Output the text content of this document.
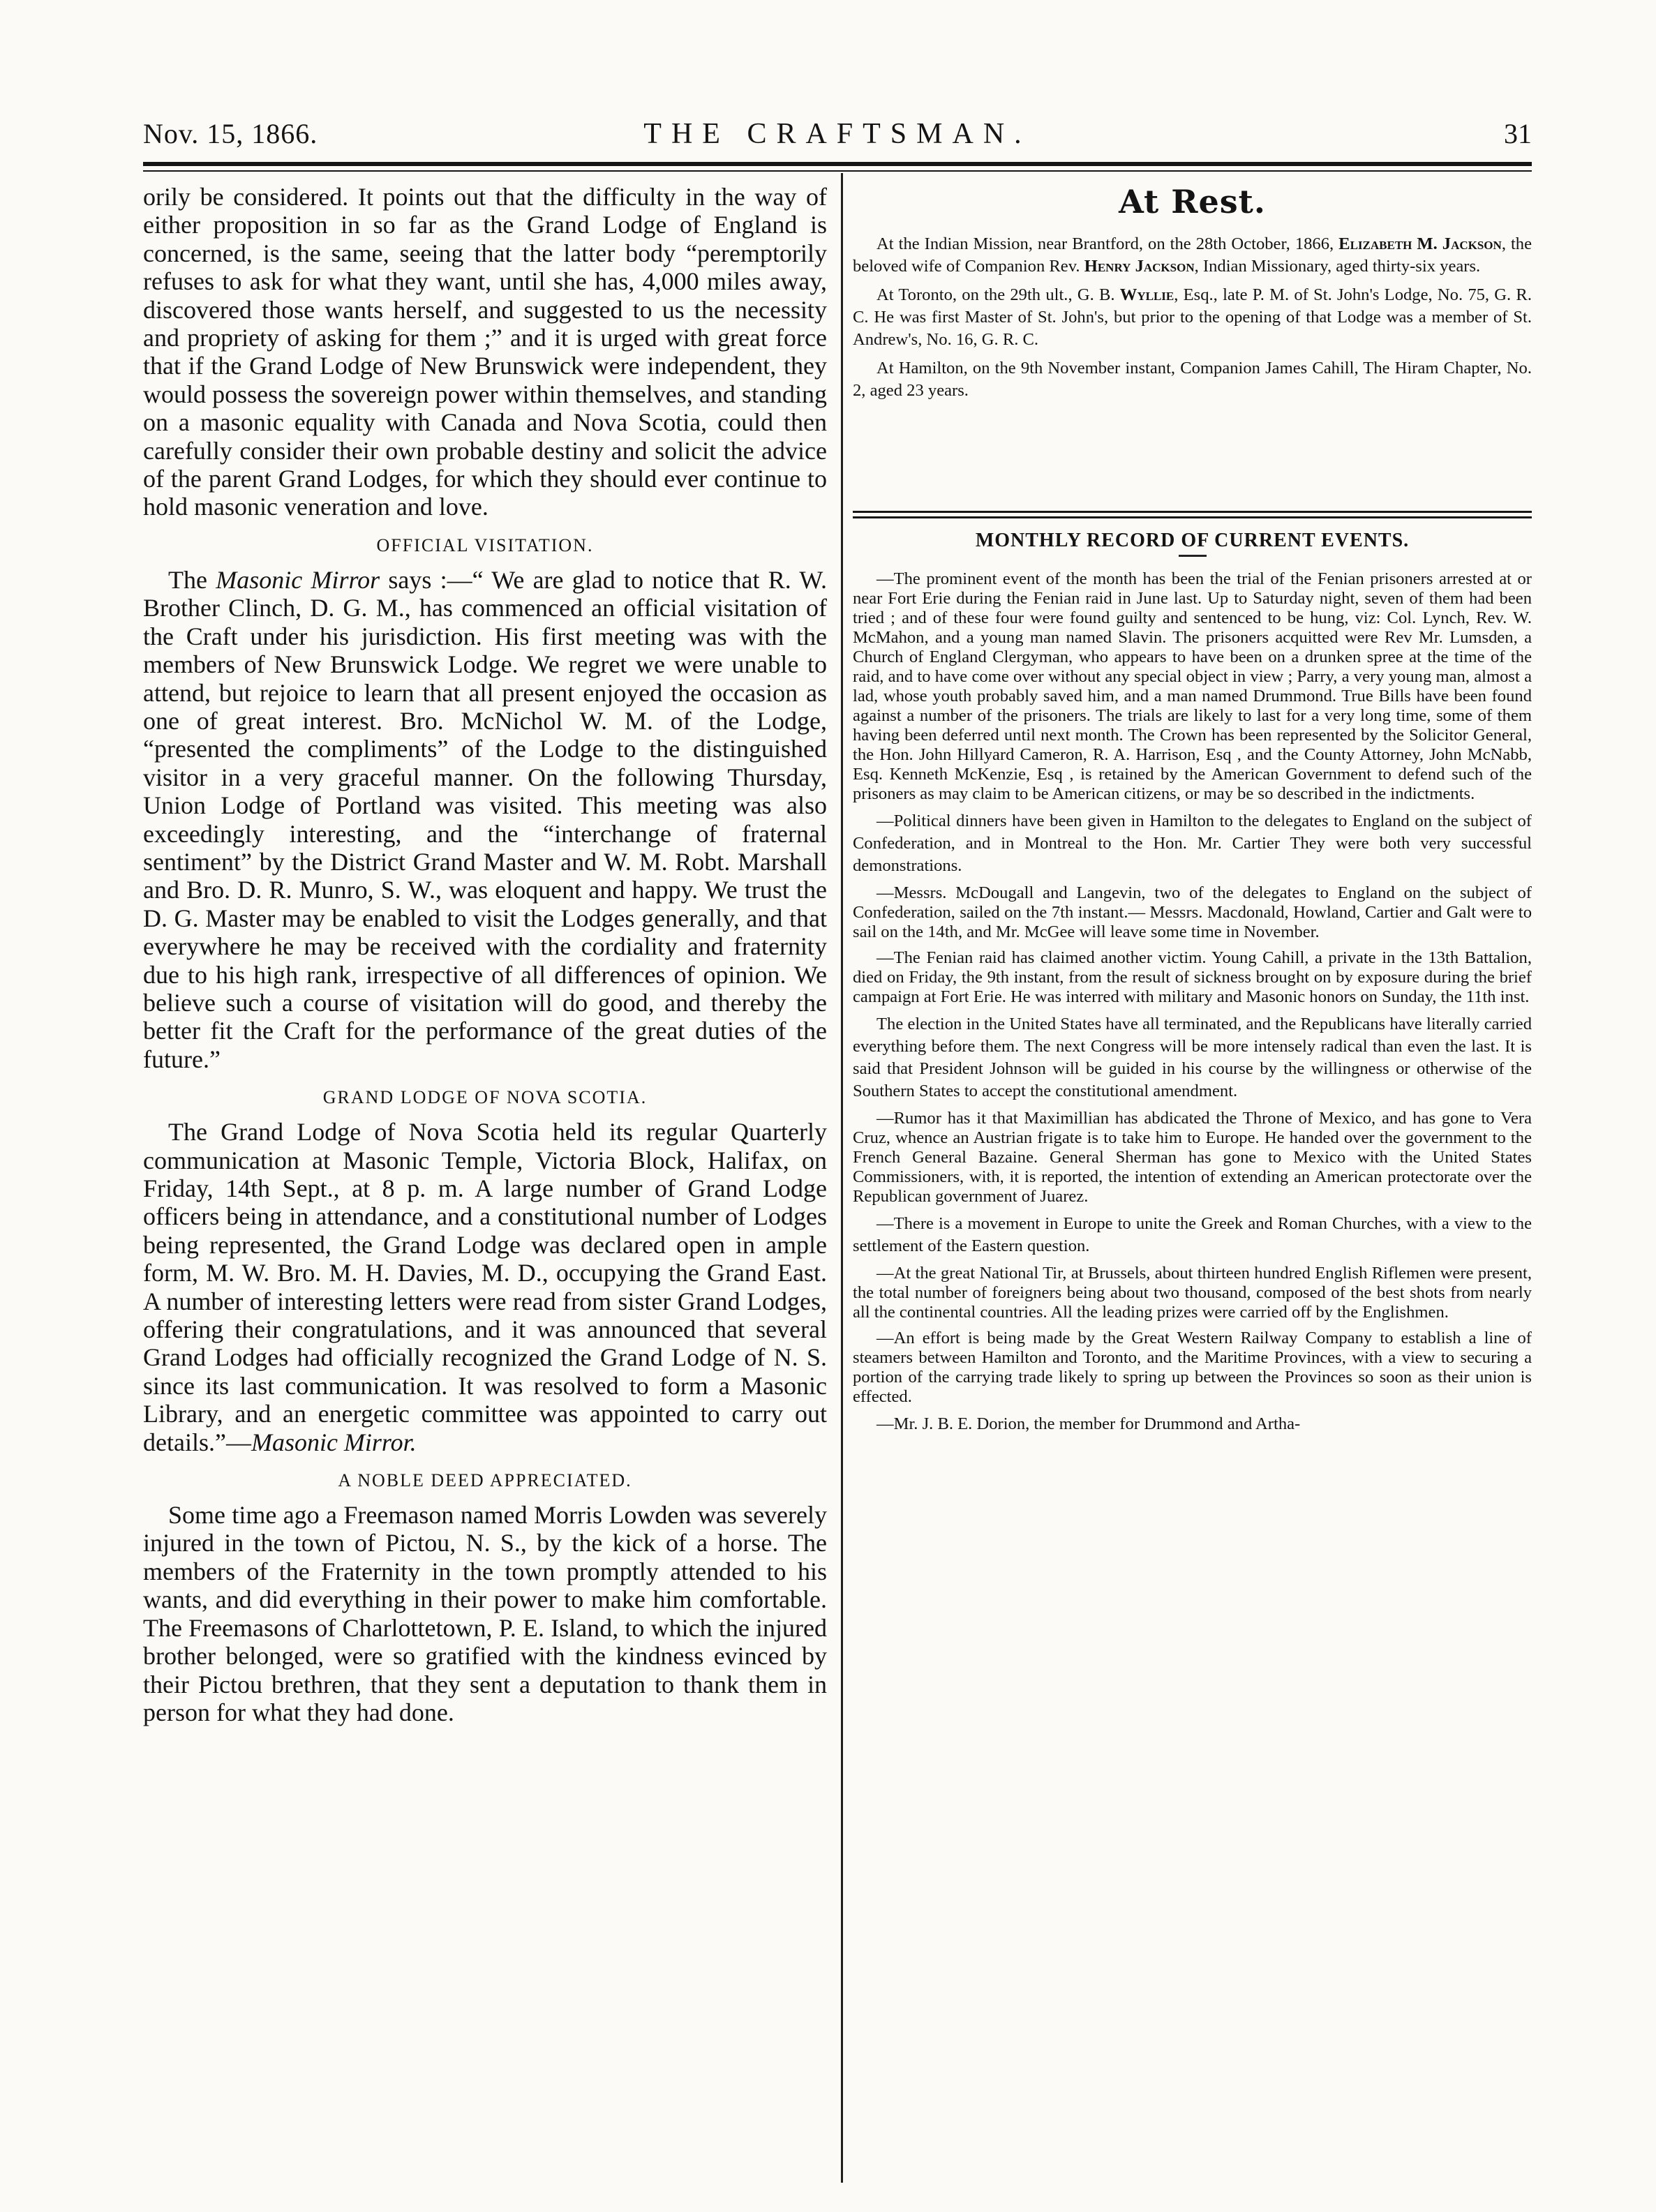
Nov. 15, 1866.	THE CRAFTSMAN.	31

orily be considered. It points out that the difficulty in the way of either proposition in so far as the Grand Lodge of England is concerned, is the same, seeing that the latter body “peremptorily refuses to ask for what they want, until she has, 4,000 miles away, discovered those wants herself, and suggested to us the necessity and propriety of asking for them ;” and it is urged with great force that if the Grand Lodge of New Brunswick were independent, they would possess the sovereign power within themselves, and standing on a masonic equality with Canada and Nova Scotia, could then carefully consider their own probable destiny and solicit the advice of the parent Grand Lodges, for which they should ever continue to hold masonic veneration and love.

OFFICIAL VISITATION.

The Masonic Mirror says :—“ We are glad to notice that R. W. Brother Clinch, D. G. M., has commenced an official visitation of the Craft under his jurisdiction. His first meeting was with the members of New Brunswick Lodge. We regret we were unable to attend, but rejoice to learn that all present enjoyed the occasion as one of great interest. Bro. McNichol W. M. of the Lodge, “presented the compliments” of the Lodge to the distinguished visitor in a very graceful manner. On the following Thursday, Union Lodge of Portland was visited. This meeting was also exceedingly interesting, and the “interchange of fraternal sentiment” by the District Grand Master and W. M. Robt. Marshall and Bro. D. R. Munro, S. W., was eloquent and happy. We trust the D. G. Master may be enabled to visit the Lodges generally, and that everywhere he may be received with the cordiality and fraternity due to his high rank, irrespective of all differences of opinion. We believe such a course of visitation will do good, and thereby the better fit the Craft for the performance of the great duties of the future.”

GRAND LODGE OF NOVA SCOTIA.

The Grand Lodge of Nova Scotia held its regular Quarterly communication at Masonic Temple, Victoria Block, Halifax, on Friday, 14th Sept., at 8 p. m. A large number of Grand Lodge officers being in attendance, and a constitutional number of Lodges being represented, the Grand Lodge was declared open in ample form, M. W. Bro. M. H. Davies, M. D., occupying the Grand East. A number of interesting letters were read from sister Grand Lodges, offering their congratulations, and it was announced that several Grand Lodges had officially recognized the Grand Lodge of N. S. since its last communication. It was resolved to form a Masonic Library, and an energetic committee was appointed to carry out details.”—Masonic Mirror.

A NOBLE DEED APPRECIATED.

Some time ago a Freemason named Morris Lowden was severely injured in the town of Pictou, N. S., by the kick of a horse. The members of the Fraternity in the town promptly attended to his wants, and did everything in their power to make him comfortable. The Freemasons of Charlottetown, P. E. Island, to which the injured brother belonged, were so gratified with the kindness evinced by their Pictou brethren, that they sent a deputation to thank them in person for what they had done.

At Rest.

At the Indian Mission, near Brantford, on the 28th October, 1866, Elizabeth M. Jackson, the beloved wife of Companion Rev. Henry Jackson, Indian Missionary, aged thirty-six years.

At Toronto, on the 29th ult., G. B. Wyllie, Esq., late P. M. of St. John's Lodge, No. 75, G. R. C. He was first Master of St. John's, but prior to the opening of that Lodge was a member of St. Andrew's, No. 16, G. R. C.

At Hamilton, on the 9th November instant, Companion James Cahill, The Hiram Chapter, No. 2, aged 23 years.

MONTHLY RECORD OF CURRENT EVENTS.

—The prominent event of the month has been the trial of the Fenian prisoners arrested at or near Fort Erie during the Fenian raid in June last. Up to Saturday night, seven of them had been tried ; and of these four were found guilty and sentenced to be hung, viz: Col. Lynch, Rev. W. McMahon, and a young man named Slavin. The prisoners acquitted were Rev Mr. Lumsden, a Church of England Clergyman, who appears to have been on a drunken spree at the time of the raid, and to have come over without any special object in view ; Parry, a very young man, almost a lad, whose youth probably saved him, and a man named Drummond. True Bills have been found against a number of the prisoners. The trials are likely to last for a very long time, some of them having been deferred until next month. The Crown has been represented by the Solicitor General, the Hon. John Hillyard Cameron, R. A. Harrison, Esq , and the County Attorney, John McNabb, Esq. Kenneth McKenzie, Esq , is retained by the American Government to defend such of the prisoners as may claim to be American citizens, or may be so described in the indictments.

—Political dinners have been given in Hamilton to the delegates to England on the subject of Confederation, and in Montreal to the Hon. Mr. Cartier They were both very successful demonstrations.

—Messrs. McDougall and Langevin, two of the delegates to England on the subject of Confederation, sailed on the 7th instant.— Messrs. Macdonald, Howland, Cartier and Galt were to sail on the 14th, and Mr. McGee will leave some time in November.

—The Fenian raid has claimed another victim. Young Cahill, a private in the 13th Battalion, died on Friday, the 9th instant, from the result of sickness brought on by exposure during the brief campaign at Fort Erie. He was interred with military and Masonic honors on Sunday, the 11th inst.

The election in the United States have all terminated, and the Republicans have literally carried everything before them. The next Congress will be more intensely radical than even the last. It is said that President Johnson will be guided in his course by the willingness or otherwise of the Southern States to accept the constitutional amendment.

—Rumor has it that Maximillian has abdicated the Throne of Mexico, and has gone to Vera Cruz, whence an Austrian frigate is to take him to Europe. He handed over the government to the French General Bazaine. General Sherman has gone to Mexico with the United States Commissioners, with, it is reported, the intention of extending an American protectorate over the Republican government of Juarez.

—There is a movement in Europe to unite the Greek and Roman Churches, with a view to the settlement of the Eastern question.

—At the great National Tir, at Brussels, about thirteen hundred English Riflemen were present, the total number of foreigners being about two thousand, composed of the best shots from nearly all the continental countries. All the leading prizes were carried off by the Englishmen.

—An effort is being made by the Great Western Railway Company to establish a line of steamers between Hamilton and Toronto, and the Maritime Provinces, with a view to securing a portion of the carrying trade likely to spring up between the Provinces so soon as their union is effected.

—Mr. J. B. E. Dorion, the member for Drummond and Artha-
